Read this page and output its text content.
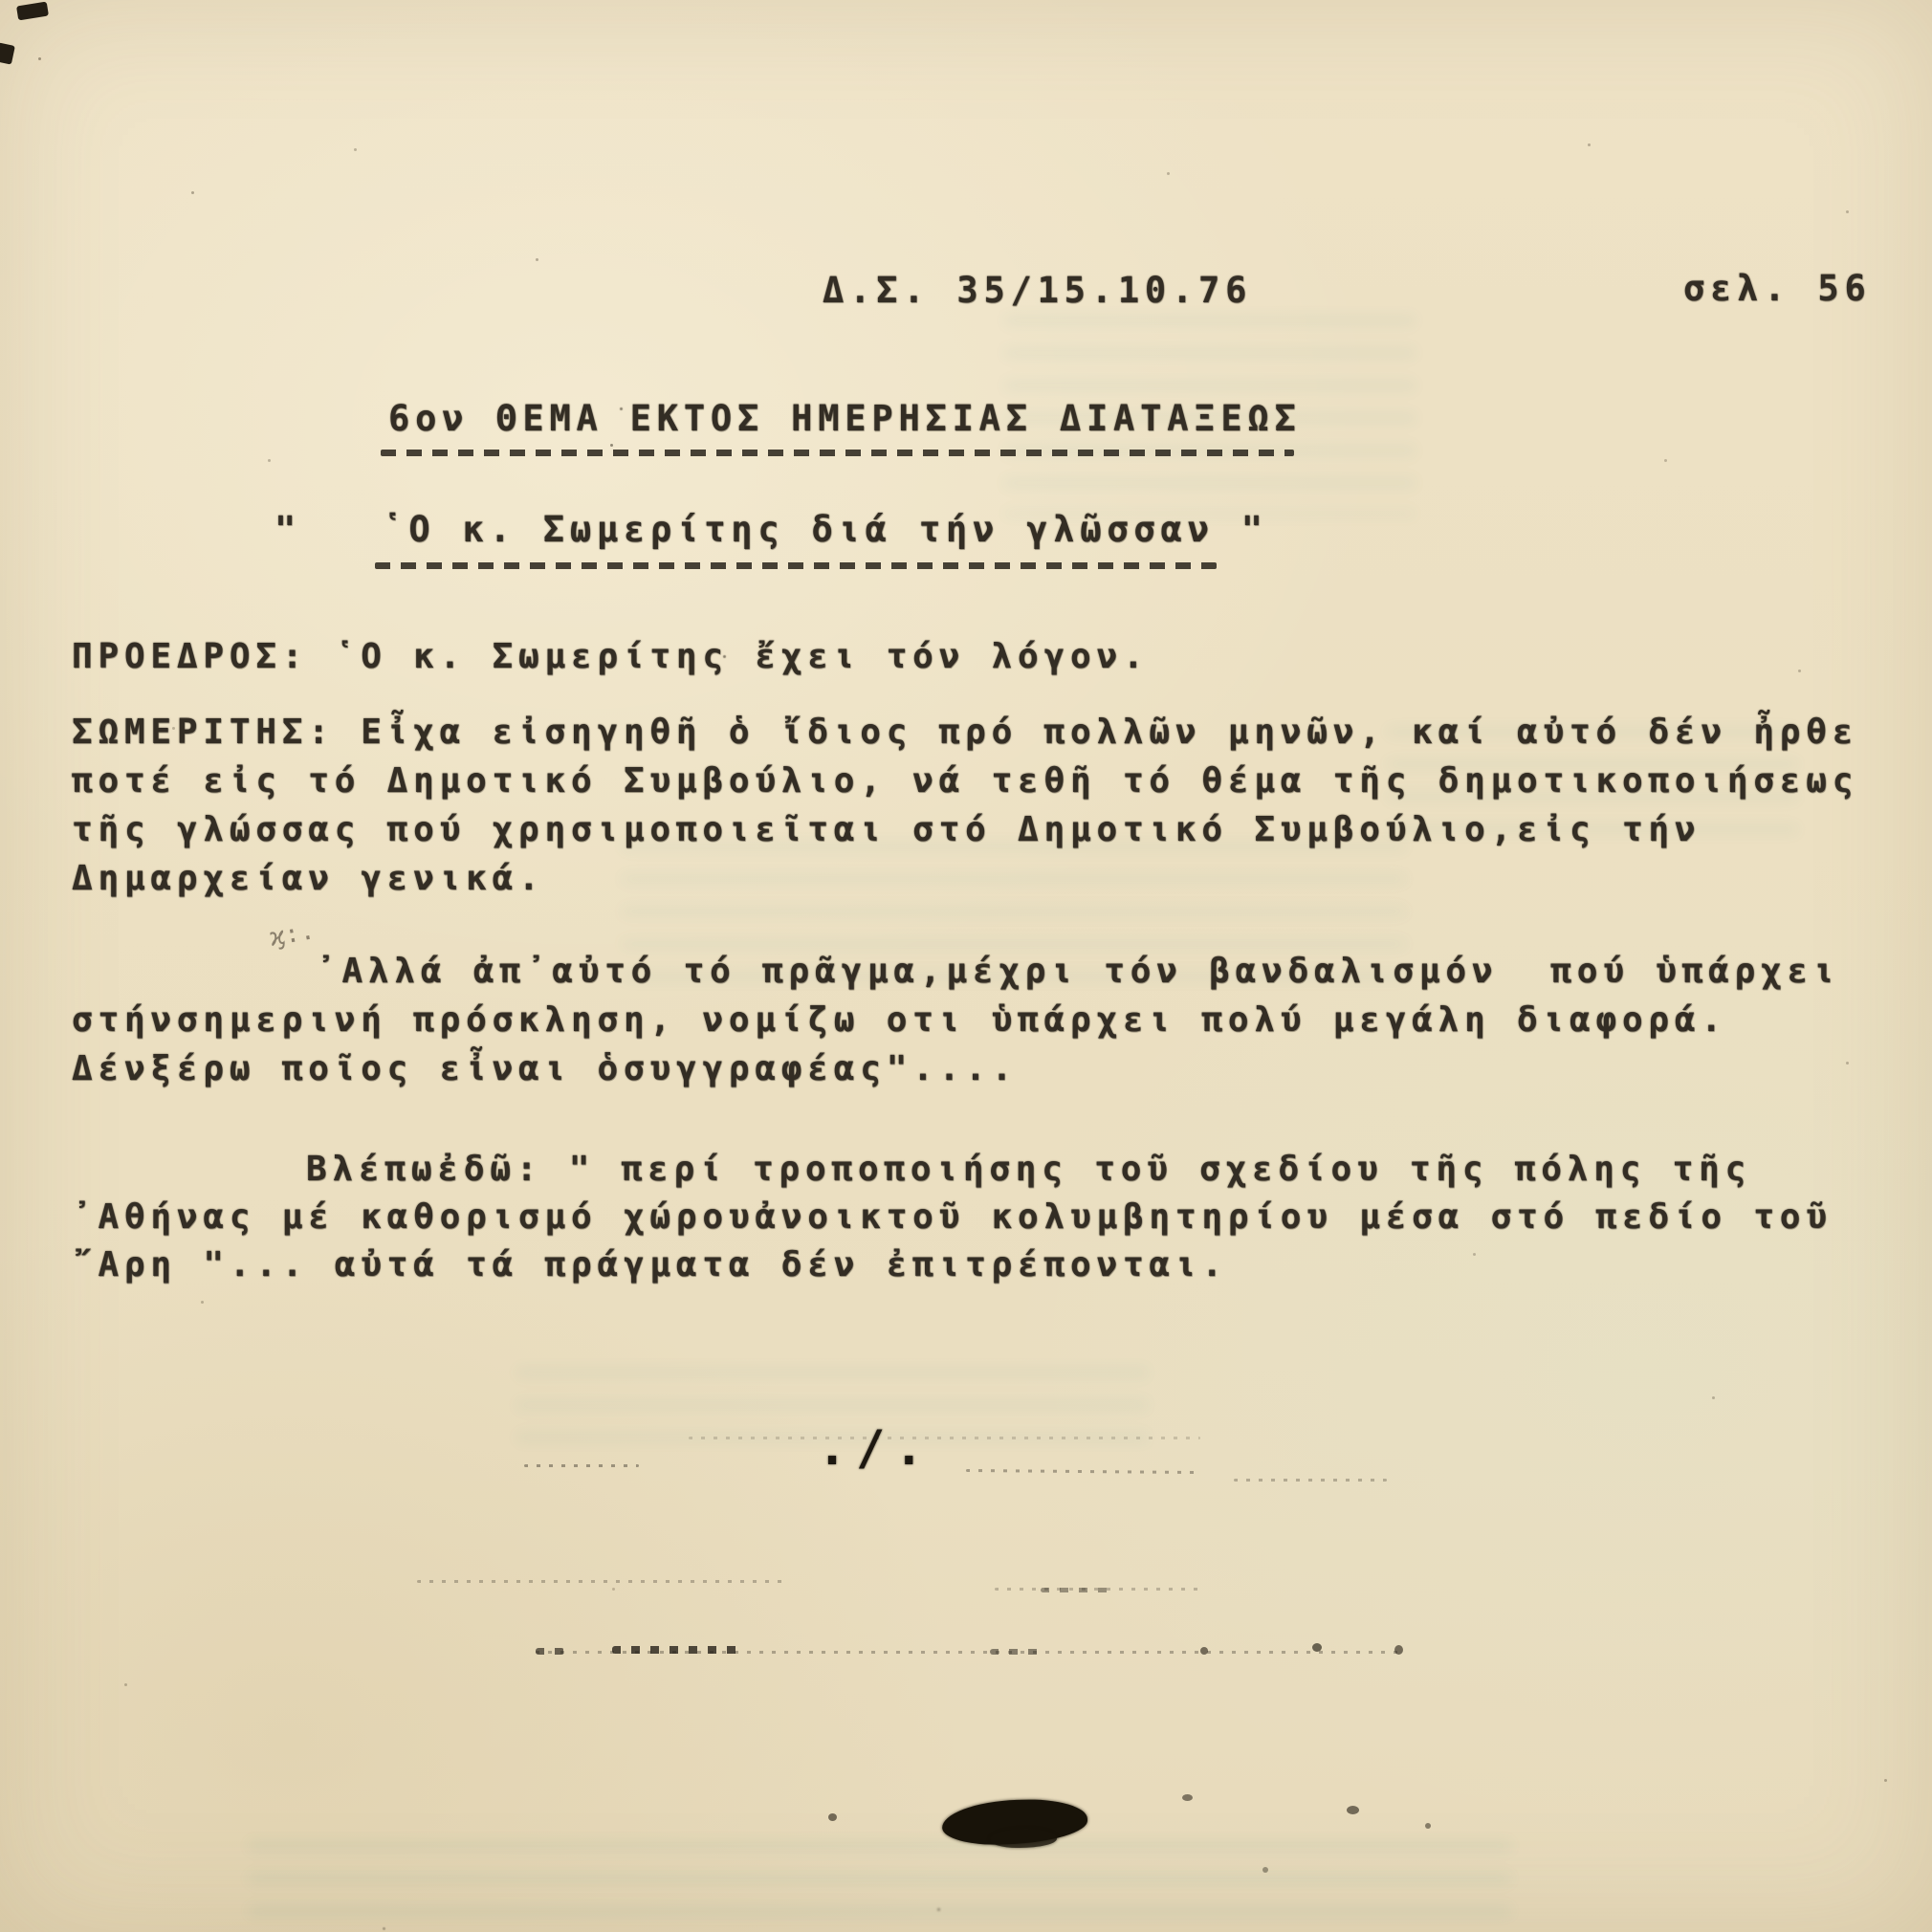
Δ.Σ. 35/15.10.76	σελ. 56
6ον ΘΕΜΑ ΕΚΤΟΣ ΗΜΕΡΗΣΙΑΣ ΔΙΑΤΑΞΕΩΣ
"   ῾Ο κ. Σωμερίτης διά τήν γλῶσσαν "
ΠΡΟΕΔΡΟΣ: ῾Ο κ. Σωμερίτης ἔχει τόν λόγον.
ΣΩΜΕΡΙΤΗΣ: Εἶχα εἰσηγηθῆ ὁ ἴδιος πρό πολλῶν μηνῶν, καί αὐτό δέν ἦρθε
ποτέ εἰς τό Δημοτικό Συμβούλιο, νά τεθῆ τό θέμα τῆς δημοτικοποιήσεως
τῆς γλώσσας πού χρησιμοποιεῖται στό Δημοτικό Συμβούλιο,εἰς τήν
Δημαρχείαν γενικά.
ϗ:.
᾽Αλλά ἀπ᾽αὐτό τό πρᾶγμα,μέχρι τόν βανδαλισμόν  πού ὑπάρχει
στήνσημερινή πρόσκληση, νομίζω οτι ὑπάρχει πολύ μεγάλη διαφορά.
Δένξέρω ποῖος εἶναι ὁσυγγραφέας"....
Βλέπωἐδῶ: " περί τροποποιήσης τοῦ σχεδίου τῆς πόλης τῆς
᾽Αθήνας μέ καθορισμό χώρουἀνοικτοῦ κολυμβητηρίου μέσα στό πεδίο τοῦ
῎Αρη "... αὐτά τά πράγματα δέν ἐπιτρέπονται.
./.
